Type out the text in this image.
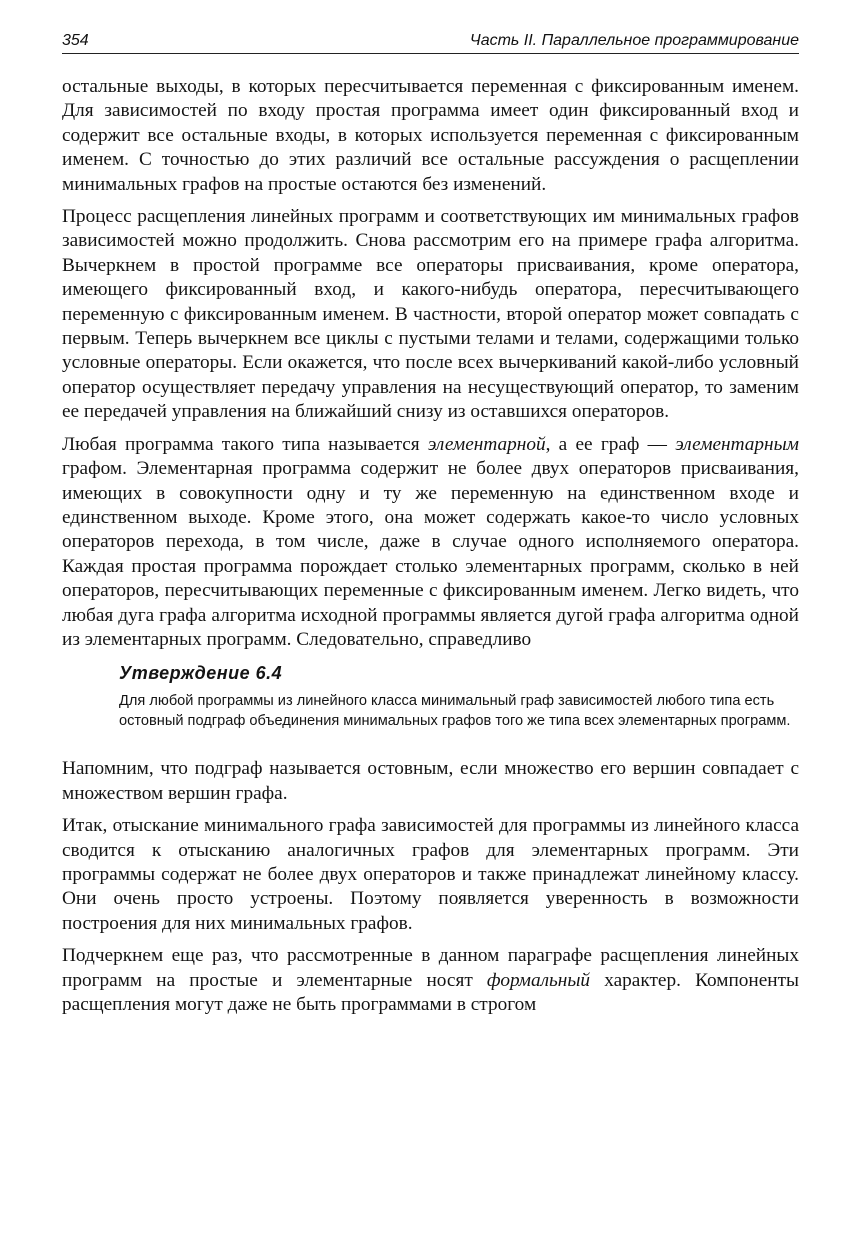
354	Часть II. Параллельное программирование

остальные выходы, в которых пересчитывается переменная с фиксированным именем. Для зависимостей по входу простая программа имеет один фиксированный вход и содержит все остальные входы, в которых используется переменная с фиксированным именем. С точностью до этих различий все остальные рассуждения о расщеплении минимальных графов на простые остаются без изменений.

Процесс расщепления линейных программ и соответствующих им минимальных графов зависимостей можно продолжить. Снова рассмотрим его на примере графа алгоритма. Вычеркнем в простой программе все операторы присваивания, кроме оператора, имеющего фиксированный вход, и какого-нибудь оператора, пересчитывающего переменную с фиксированным именем. В частности, второй оператор может совпадать с первым. Теперь вычеркнем все циклы с пустыми телами и телами, содержащими только условные операторы. Если окажется, что после всех вычеркиваний какой-либо условный оператор осуществляет передачу управления на несуществующий оператор, то заменим ее передачей управления на ближайший снизу из оставшихся операторов.

Любая программа такого типа называется элементарной, а ее граф — элементарным графом. Элементарная программа содержит не более двух операторов присваивания, имеющих в совокупности одну и ту же переменную на единственном входе и единственном выходе. Кроме этого, она может содержать какое-то число условных операторов перехода, в том числе, даже в случае одного исполняемого оператора. Каждая простая программа порождает столько элементарных программ, сколько в ней операторов, пересчитывающих переменные с фиксированным именем. Легко видеть, что любая дуга графа алгоритма исходной программы является дугой графа алгоритма одной из элементарных программ. Следовательно, справедливо

Утверждение 6.4
Для любой программы из линейного класса минимальный граф зависимостей любого типа есть остовный подграф объединения минимальных графов того же типа всех элементарных программ.

Напомним, что подграф называется остовным, если множество его вершин совпадает с множеством вершин графа.

Итак, отыскание минимального графа зависимостей для программы из линейного класса сводится к отысканию аналогичных графов для элементарных программ. Эти программы содержат не более двух операторов и также принадлежат линейному классу. Они очень просто устроены. Поэтому появляется уверенность в возможности построения для них минимальных графов.

Подчеркнем еще раз, что рассмотренные в данном параграфе расщепления линейных программ на простые и элементарные носят формальный характер. Компоненты расщепления могут даже не быть программами в строгом
